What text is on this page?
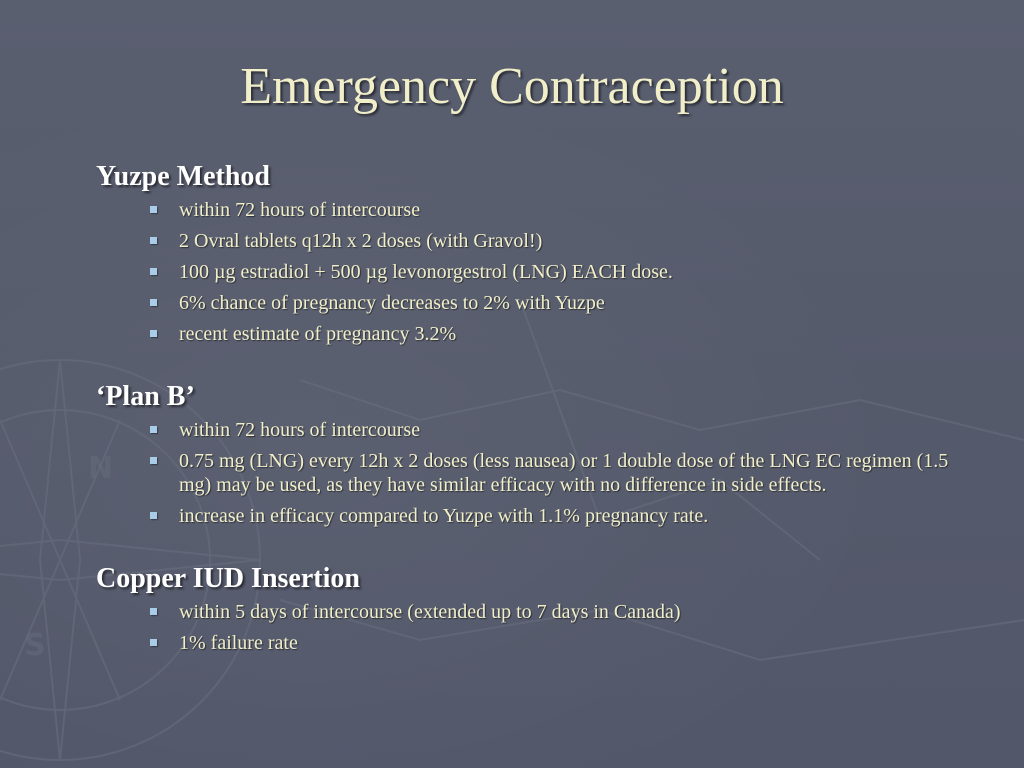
N
S
Emergency Contraception
Yuzpe Method
within 72 hours of intercourse
2 Ovral tablets q12h x 2 doses (with Gravol!)
100 µg estradiol + 500 µg levonorgestrol (LNG) EACH dose.
6% chance of pregnancy decreases to 2% with Yuzpe
recent estimate of pregnancy 3.2%
‘Plan B’
within 72 hours of intercourse
0.75 mg (LNG) every 12h x 2 doses (less nausea) or 1 double dose of the LNG EC regimen (1.5 mg) may be used, as they have similar efficacy with no difference in side effects.
increase in efficacy compared to Yuzpe with 1.1% pregnancy rate.
Copper IUD Insertion
within 5 days of intercourse (extended up to 7 days in Canada)
1% failure rate
